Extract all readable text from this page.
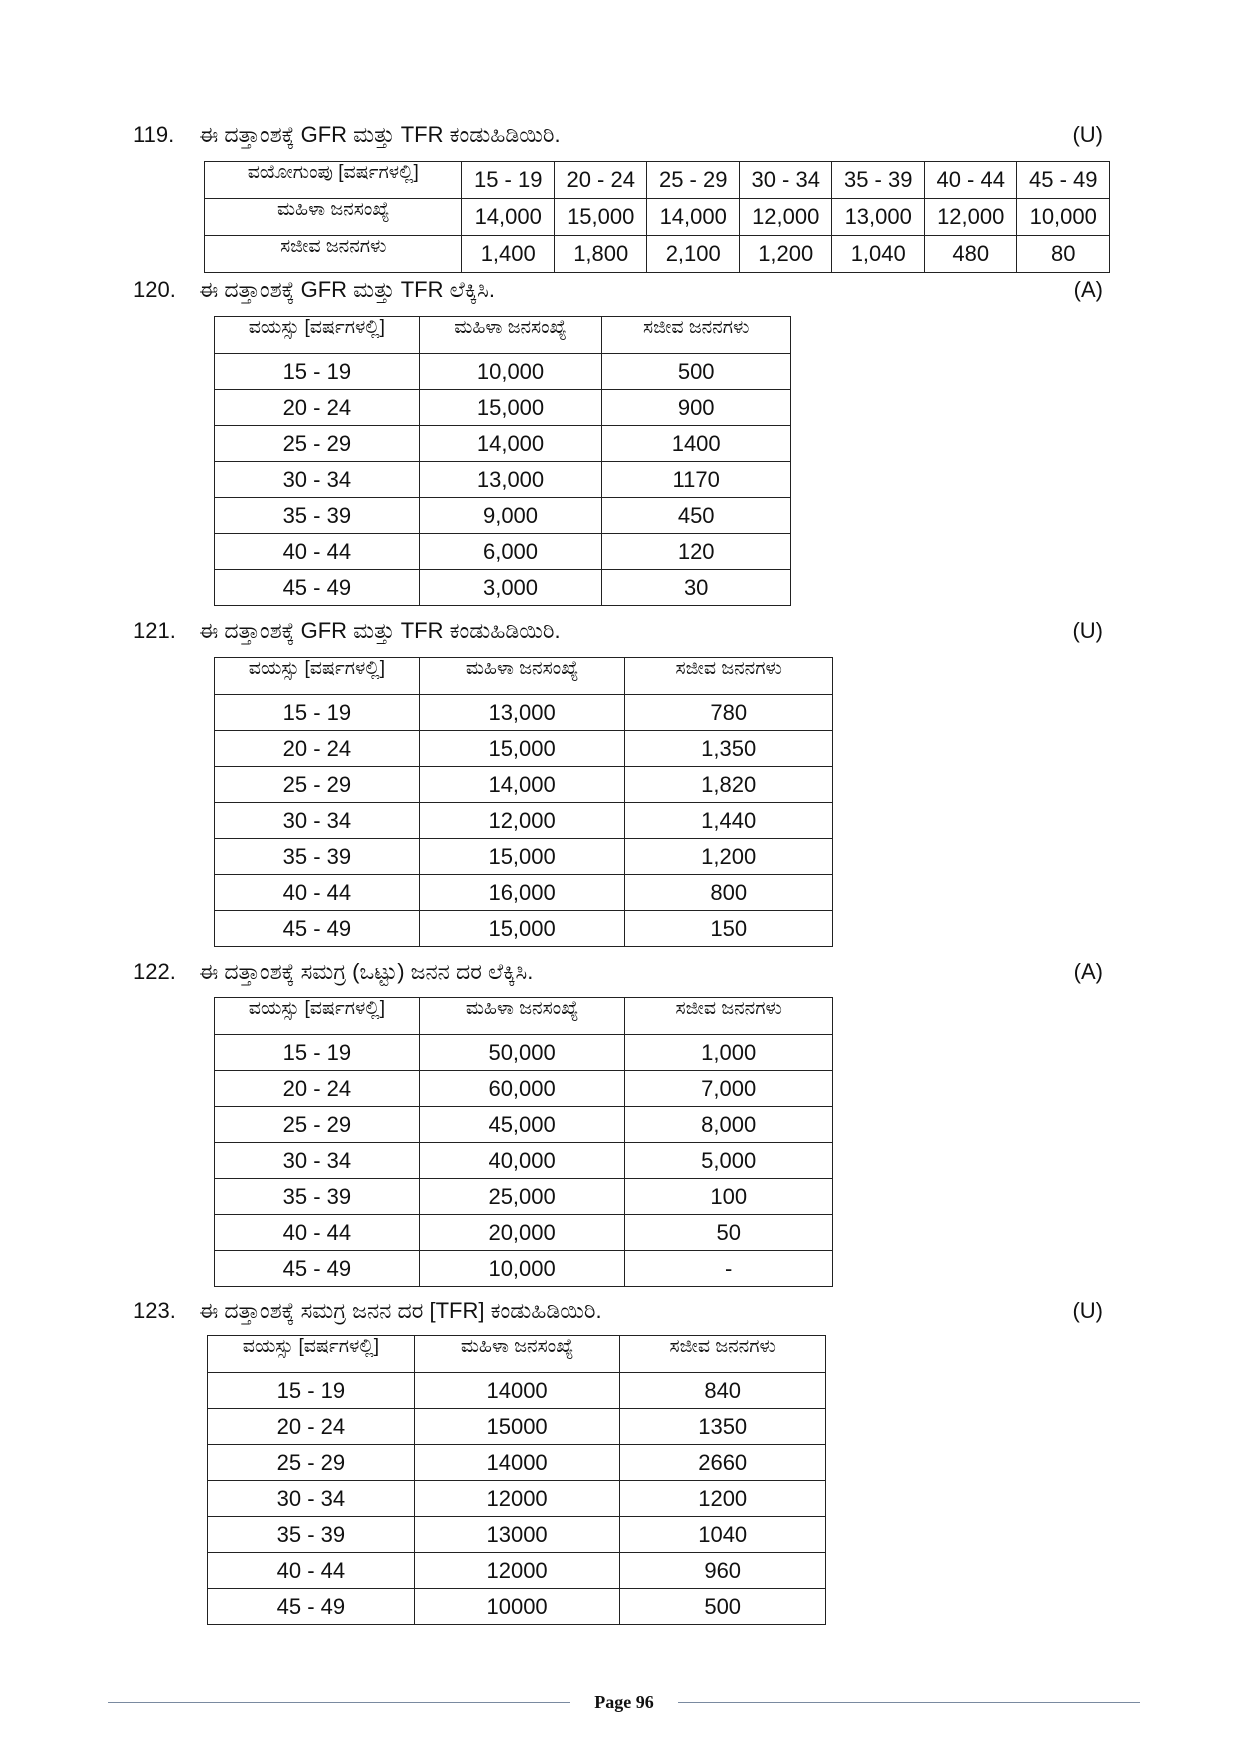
119. ಈ ದತ್ತಾಂಶಕ್ಕೆ GFR ಮತ್ತು TFR ಕಂಡುಹಿಡಿಯಿರಿ.	(U)
ವಯೋಗುಂಪು [ವರ್ಷಗಳಲ್ಲಿ]	15 - 19	20 - 24	25 - 29	30 - 34	35 - 39	40 - 44	45 - 49
ಮಹಿಳಾ ಜನಸಂಖ್ಯೆ	14,000	15,000	14,000	12,000	13,000	12,000	10,000
ಸಜೀವ ಜನನಗಳು	1,400	1,800	2,100	1,200	1,040	480	80
120. ಈ ದತ್ತಾಂಶಕ್ಕೆ GFR ಮತ್ತು TFR ಲೆಕ್ಕಿಸಿ.	(A)
ವಯಸ್ಸು [ವರ್ಷಗಳಲ್ಲಿ]	ಮಹಿಳಾ ಜನಸಂಖ್ಯೆ	ಸಜೀವ ಜನನಗಳು
15 - 19	10,000	500
20 - 24	15,000	900
25 - 29	14,000	1400
30 - 34	13,000	1170
35 - 39	9,000	450
40 - 44	6,000	120
45 - 49	3,000	30
121. ಈ ದತ್ತಾಂಶಕ್ಕೆ GFR ಮತ್ತು TFR ಕಂಡುಹಿಡಿಯಿರಿ.	(U)
ವಯಸ್ಸು [ವರ್ಷಗಳಲ್ಲಿ]	ಮಹಿಳಾ ಜನಸಂಖ್ಯೆ	ಸಜೀವ ಜನನಗಳು
15 - 19	13,000	780
20 - 24	15,000	1,350
25 - 29	14,000	1,820
30 - 34	12,000	1,440
35 - 39	15,000	1,200
40 - 44	16,000	800
45 - 49	15,000	150
122. ಈ ದತ್ತಾಂಶಕ್ಕೆ ಸಮಗ್ರ (ಒಟ್ಟು) ಜನನ ದರ ಲೆಕ್ಕಿಸಿ.	(A)
ವಯಸ್ಸು [ವರ್ಷಗಳಲ್ಲಿ]	ಮಹಿಳಾ ಜನಸಂಖ್ಯೆ	ಸಜೀವ ಜನನಗಳು
15 - 19	50,000	1,000
20 - 24	60,000	7,000
25 - 29	45,000	8,000
30 - 34	40,000	5,000
35 - 39	25,000	100
40 - 44	20,000	50
45 - 49	10,000	-
123. ಈ ದತ್ತಾಂಶಕ್ಕೆ ಸಮಗ್ರ ಜನನ ದರ [TFR] ಕಂಡುಹಿಡಿಯಿರಿ.	(U)
ವಯಸ್ಸು [ವರ್ಷಗಳಲ್ಲಿ]	ಮಹಿಳಾ ಜನಸಂಖ್ಯೆ	ಸಜೀವ ಜನನಗಳು
15 - 19	14000	840
20 - 24	15000	1350
25 - 29	14000	2660
30 - 34	12000	1200
35 - 39	13000	1040
40 - 44	12000	960
45 - 49	10000	500
Page 96
